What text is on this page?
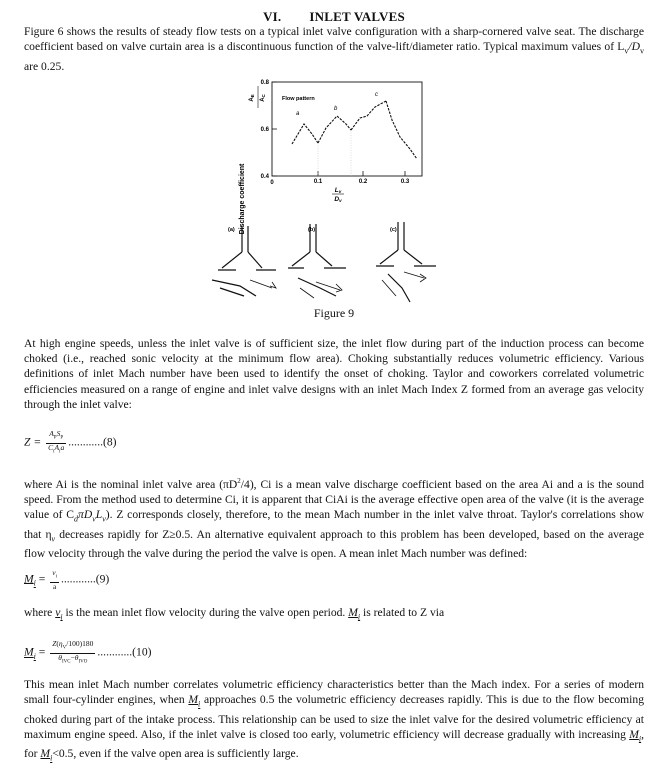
VI. INLET VALVES

Figure 6 shows the results of steady flow tests on a typical inlet valve configuration with a sharp-cornered valve seat. The discharge coefficient based on valve curtain area is a discontinuous function of the valve-lift/diameter ratio. Typical maximum values of $L_v/D_v$ are 0.25.

Discharge coefficient
AE
AC
0.8
0.6
0.4
0	0.1	0.2	0.3
Lv
Dv
Flow pattern
a
b
c
(a)	(b)	(c)
Figure 9

At high engine speeds, unless the inlet valve is of sufficient size, the inlet flow during part of the induction process can become choked (i.e., reached sonic velocity at the minimum flow area). Choking substantially reduces volumetric efficiency. Various definitions of inlet Mach number have been used to identify the onset of choking. Taylor and coworkers correlated volumetric efficiencies measured on a range of engine and inlet valve designs with an inlet Mach Index Z formed from an average gas velocity through the inlet valve:

$Z = \frac{A_PS_P}{C_iA_ia} ............(8)$

where Ai is the nominal inlet valve area $(\pi D^2/4)$, Ci is a mean valve discharge coefficient based on the area Ai and a is the sound speed. From the method used to determine Ci, it is apparent that CiAi is the average effective open area of the valve (it is the average value of $C_d\pi D_vL_v$). Z corresponds closely, therefore, to the mean Mach number in the inlet valve throat. Taylor's correlations show that $\eta_v$ decreases rapidly for Z≥0.5. An alternative equivalent approach to this problem has been developed, based on the average flow velocity through the valve during the period the valve is open. A mean inlet Mach number was defined:

$M_i = \frac{v_i}{a} ............(9)$

where $v_i$ is the mean inlet flow velocity during the valve open period. $M_i$ is related to Z via

$M_i = \frac{Z(\eta_V/100)180}{\theta_{IVC}-\theta_{IVO}} ............(10)$

This mean inlet Mach number correlates volumetric efficiency characteristics better than the Mach index. For a series of modern small four-cylinder engines, when $M_i$ approaches 0.5 the volumetric efficiency decreases rapidly. This is due to the flow becoming choked during part of the intake process. This relationship can be used to size the inlet valve for the desired volumetric efficiency at maximum engine speed. Also, if the inlet valve is closed too early, volumetric efficiency will decrease gradually with increasing $M_i$, for $M_i<0.5$, even if the valve open area is sufficiently large.
